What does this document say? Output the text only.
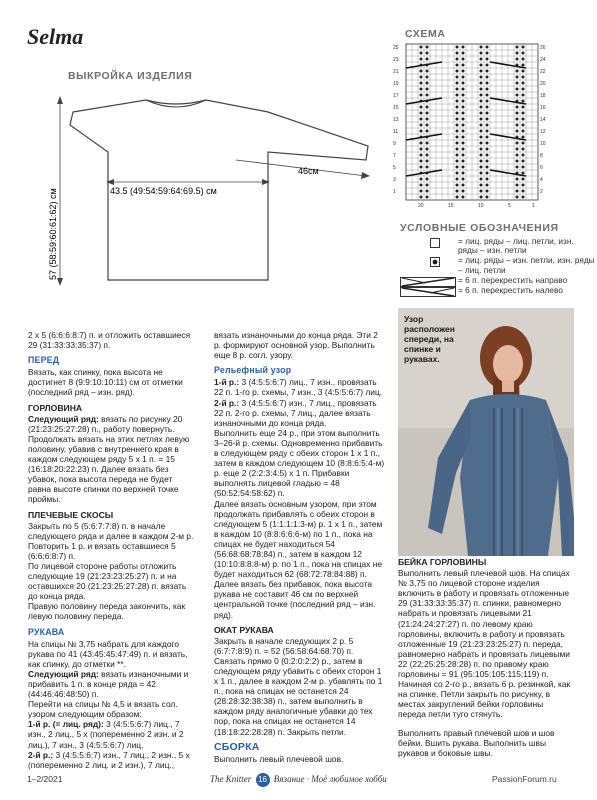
Selma
ВЫКРОЙКА ИЗДЕЛИЯ
43.5 (49:54:59:64:69.5) см
46см
57 (58:59:60:61:62) см
СХЕМА
25
23
21
19
17
15
13
11
9
7
5
3
1
26
24
22
20
18
16
14
12
10
8
6
4
2
20	15	10	5	1
УСЛОВНЫЕ ОБОЗНАЧЕНИЯ
= лиц. ряды – лиц. петли, изн. ряды – изн. петли
= лиц. ряды – изн. петли, изн. ряды – лиц. петли
= 6 п. перекрестить направо
= 6 п. перекрестить налево
Узор расположен спереди, на спинке и рукавах.

2 х 5 (6:6:6:8:7) п. и отложить оставшиеся 29 (31:33:33:35:37) п.

ПЕРЕД

Вязать, как спинку, пока высота не достигнет 8 (9:9:10:10:11) см от отметки (последний ряд – изн. ряд).

ГОРЛОВИНА

Следующий ряд: вязать по рисунку 20 (21:23:25:27:28) п., работу повернуть. Продолжать вязать на этих петлях левую половину, убавив с внутреннего края в каждом следующем ряду 5 х 1 п. = 15 (16:18:20:22:23) п. Далее вязать без убавок, пока высота переда не будет равна высоте спинки по верхней точке проймы.

ПЛЕЧЕВЫЕ СКОСЫ

Закрыть по 5 (5:6:7:7:8) п. в начале следующего ряда и далее в каждом 2-м р. Повторить 1 р. и вязать оставшиеся 5 (6:6:6:8:7) п.

По лицевой стороне работы отложить следующие 19 (21:23:23:25:27) п. и на оставшихся 20 (21:23:25:27:28) п. вязать до конца ряда.

Правую половину переда закончить, как левую половину переда.

РУКАВА

На спицы № 3,75 набрать для каждого рукава по 41 (43:45:45:47:49) п. и вязать, как спинку, до отметки **.

Следующий ряд: вязать изнаночными и прибавить 1 п. в конце ряда = 42 (44:46:46:48:50) п.

Перейти на спицы № 4,5 и вязать сол. узором следующим образом:

1-й р. (= лиц. ряд): 3 (4:5:5:6:7) лиц., 7 изн., 2 лиц., 5 х (попеременно 2 изн. и 2 лиц.), 7 изн., 3 (4:5:5:6:7) лиц.

2-й р.: 3 (4:5:5:6:7) изн., 7 лиц., 2 изн., 5 х (попеременно 2 лиц. и 2 изн.), 7 лиц.,

вязать изнаночными до конца ряда. Эти 2 р. формируют основной узор. Выполнить еще 8 р. согл. узору.

Рельефный узор

1-й р.: 3 (4:5:5:6:7) лиц., 7 изн., провязать 22 п. 1-го р. схемы, 7 изн., 3 (4:5:5:6:7) лиц.

2-й р.: 3 (4:5:5:6:7) изн., 7 лиц., провязать 22 п. 2-го р. схемы, 7 лиц., далее вязать изнаночными до конца ряда.

Выполнить еще 24 р., при этом выполнить 3–26-й р. схемы. Одновременно прибавить в следующем ряду с обеих сторон 1 х 1 п., затем в каждом следующем 10 (8:8:6:5:4-м) р. еще 2 (2:2:3:4:5) х 1 п. Прибавки выполнять лицевой гладью = 48 (50:52:54:58:62) п.

Далее вязать основным узором, при этом продолжать прибавлять с обеих сторон в следующем 5 (1:1:1:1:3-м) р. 1 х 1 п., затем в каждом 10 (8:8:6:6:6-м) по 1 п., пока на спицах не будет находиться 54 (56:68:68:78:84) п., затем в каждом 12 (10:10:8:8:8-м) р. по 1 п., пока на спицах не будет находиться 62 (68:72:78:84:88) п.

Далее вязать без прибавок, пока высота рукава не составит 46 см по верхней центральной точке (последний ряд – изн. ряд).

ОКАТ РУКАВА

Закрыть в начале следующих 2 р. 5 (6:7:7:8:9) п. = 52 (56:58:64:68:70) п. Связать прямо 0 (0:2:0:2:2) р., затем в следующем ряду убавить с обеих сторон 1 х 1 п., далее в каждом 2-м р. убавлять по 1 п., пока на спицах не останется 24 (28:28:32:38:38) п., затем выполнить в каждом ряду аналогичные убавки до тех пор, пока на спицах не останется 14 (18:18:22:28:28) п. Закрыть петли.

СБОРКА

Выполнить левый плечевой шов.

БЕЙКА ГОРЛОВИНЫ

Выполнить левый плечевой шов. На спицах № 3,75 по лицевой стороне изделия включить в работу и провязать отложенные 29 (31:33:33:35:37) п. спинки, равномерно набрать и провязать лицевыми 21 (21:24:24:27:27) п. по левому краю горловины, включить в работу и провязать отложенные 19 (21:23:23:25:27) п. переда, равномерно набрать и провязать лицевыми 22 (22:25:25:28:28) п. по правому краю горловины = 91 (95:105:105:115:119) п.

Начиная со 2-го р., вязать 6 р. резинкой, как на спинке. Петли закрыть по рисунку, в местах закруглений бейки горловины переда петли туго стянуть.

Выполнить правый плечевой шов и шов бейки. Вшить рукава. Выполнить швы рукавов и боковые швы.

1–2/2021	The Knitter 16 Вязание · Моё любимое хобби	PassionForum.ru
